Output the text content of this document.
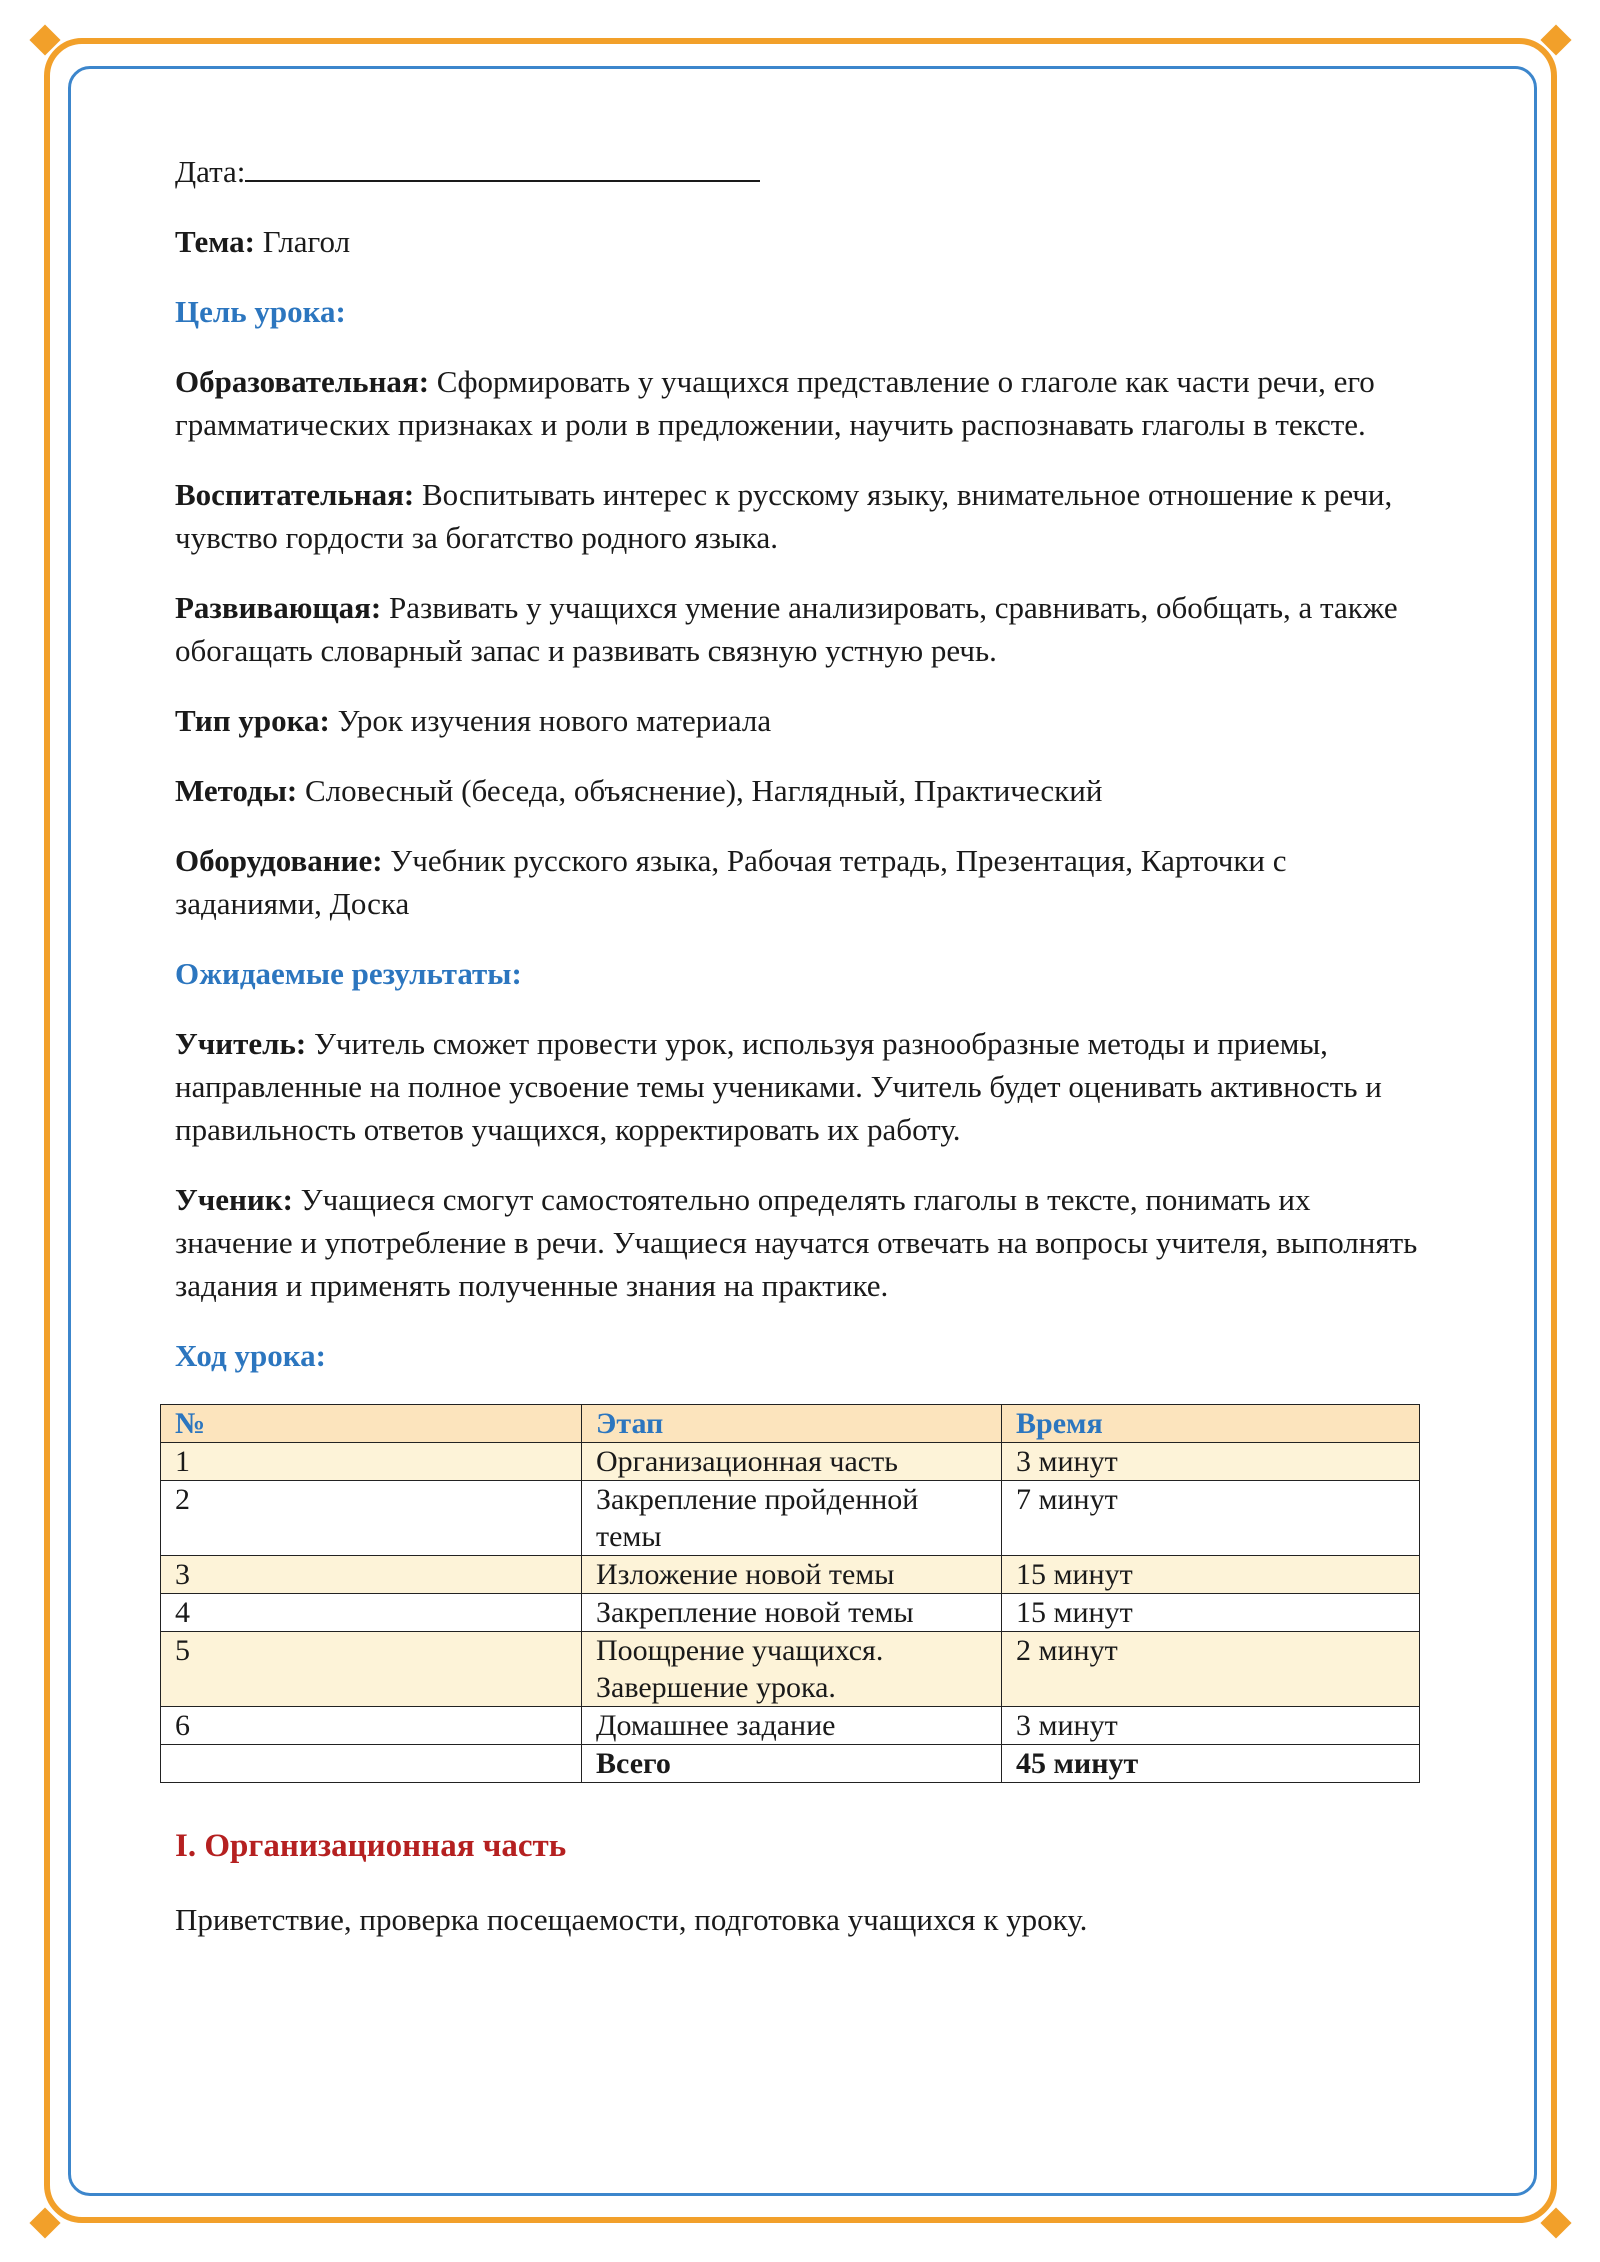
Дата:

Тема: Глагол

Цель урока:

Образовательная: Сформировать у учащихся представление о глаголе как части речи, его грамматических признаках и роли в предложении, научить распознавать глаголы в тексте.

Воспитательная: Воспитывать интерес к русскому языку, внимательное отношение к речи, чувство гордости за богатство родного языка.

Развивающая: Развивать у учащихся умение анализировать, сравнивать, обобщать, а также обогащать словарный запас и развивать связную устную речь.

Тип урока: Урок изучения нового материала

Методы: Словесный (беседа, объяснение), Наглядный, Практический

Оборудование: Учебник русского языка, Рабочая тетрадь, Презентация, Карточки с заданиями, Доска

Ожидаемые результаты:

Учитель: Учитель сможет провести урок, используя разнообразные методы и приемы, направленные на полное усвоение темы учениками. Учитель будет оценивать активность и правильность ответов учащихся, корректировать их работу.

Ученик: Учащиеся смогут самостоятельно определять глаголы в тексте, понимать их значение и употребление в речи. Учащиеся научатся отвечать на вопросы учителя, выполнять задания и применять полученные знания на практике.

Ход урока:

№	Этап	Время
1	Организационная часть	3 минут
2	Закрепление пройденной темы	7 минут
3	Изложение новой темы	15 минут
4	Закрепление новой темы	15 минут
5	Поощрение учащихся. Завершение урока.	2 минут
6	Домашнее задание	3 минут
	Всего	45 минут

I. Организационная часть

Приветствие, проверка посещаемости, подготовка учащихся к уроку.
